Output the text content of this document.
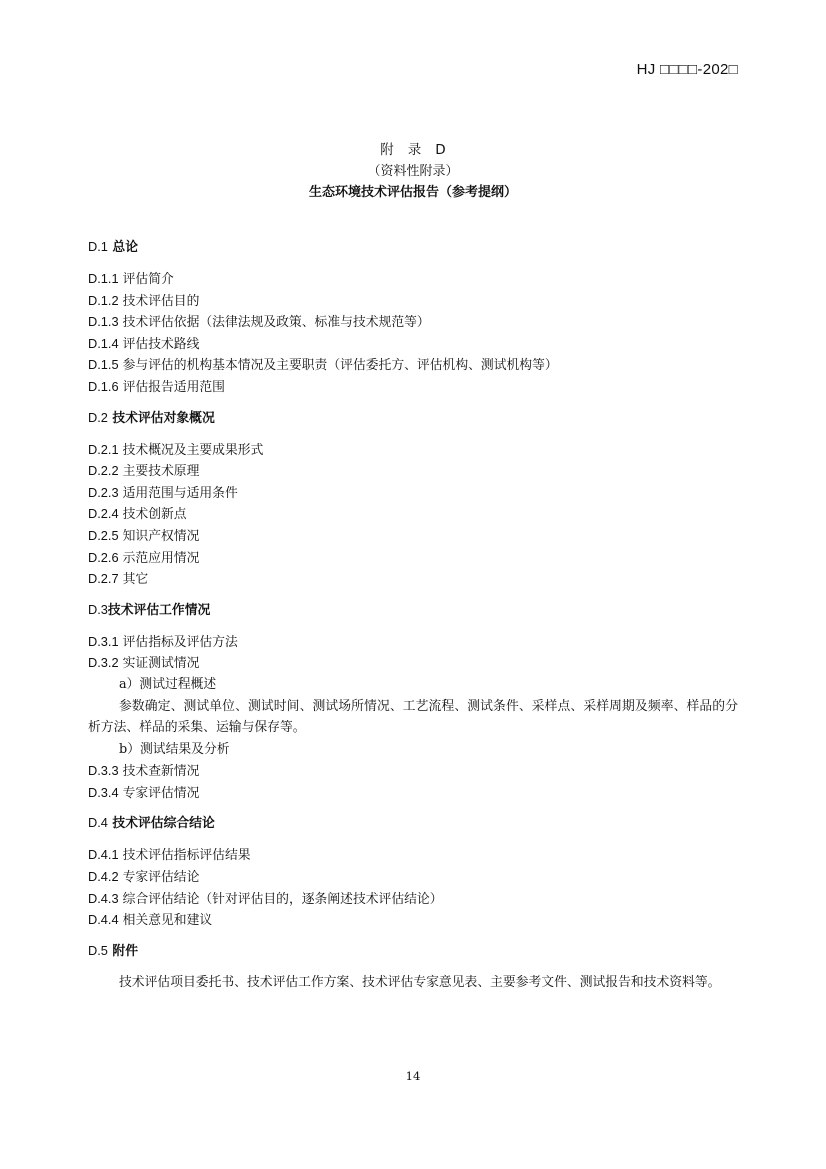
HJ □□□□-202□
附 录 D
（资料性附录）
生态环境技术评估报告（参考提纲）
D.1 总论
D.1.1 评估简介
D.1.2 技术评估目的
D.1.3 技术评估依据（法律法规及政策、标准与技术规范等）
D.1.4 评估技术路线
D.1.5 参与评估的机构基本情况及主要职责（评估委托方、评估机构、测试机构等）
D.1.6 评估报告适用范围
D.2 技术评估对象概况
D.2.1 技术概况及主要成果形式
D.2.2 主要技术原理
D.2.3 适用范围与适用条件
D.2.4 技术创新点
D.2.5 知识产权情况
D.2.6 示范应用情况
D.2.7 其它
D.3技术评估工作情况
D.3.1 评估指标及评估方法
D.3.2 实证测试情况
a）测试过程概述
参数确定、测试单位、测试时间、测试场所情况、工艺流程、测试条件、采样点、采样周期及频率、样品的分析方法、样品的采集、运输与保存等。
b）测试结果及分析
D.3.3 技术查新情况
D.3.4 专家评估情况
D.4 技术评估综合结论
D.4.1 技术评估指标评估结果
D.4.2 专家评估结论
D.4.3 综合评估结论（针对评估目的，逐条阐述技术评估结论）
D.4.4 相关意见和建议
D.5 附件
技术评估项目委托书、技术评估工作方案、技术评估专家意见表、主要参考文件、测试报告和技术资料等。
14
